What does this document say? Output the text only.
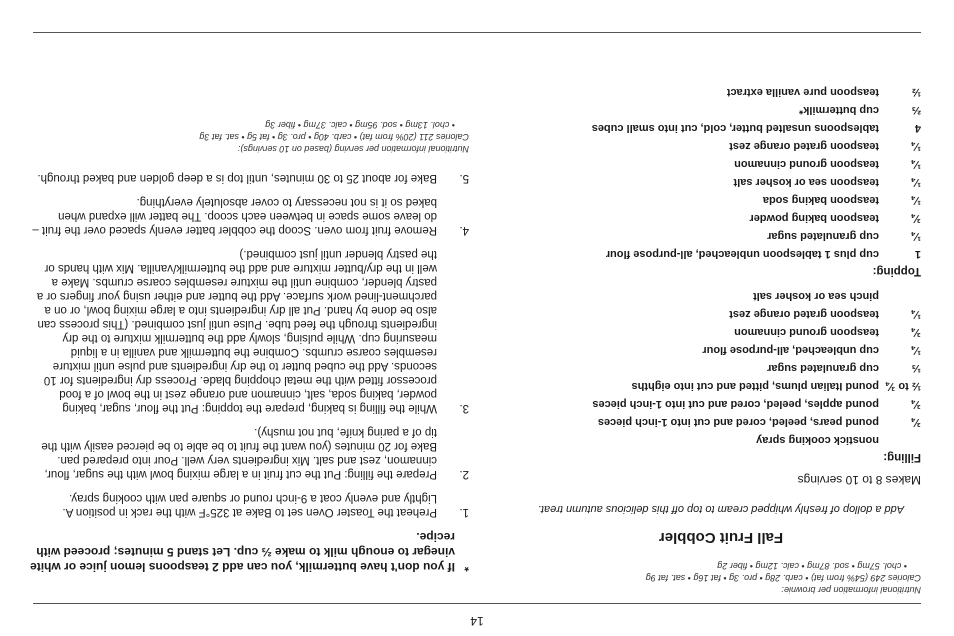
Nutritional information per brownie:
Calories 249 (54% from fat) • carb. 28g • pro. 3g • fat 16g • sat. fat 9g
• chol. 57mg • sod. 87mg • calc. 12mg • fiber 2g
Fall Fruit Cobbler
Add a dollop of freshly whipped cream to top off this delicious autumn treat.
Makes 8 to 10 servings
Filling:
nonstick cooking spray
¾
pound pears, peeled, cored and cut into 1-inch pieces
¾
pound apples, peeled, cored and cut into 1-inch pieces
½ to ¾
pound Italian plums, pitted and cut into eighths
⅓
cup granulated sugar
¼
cup unbleached, all-purpose flour
¾
teaspoon ground cinnamon
¼
teaspoon grated orange zest
pinch sea or kosher salt
Topping:
1
cup plus 1 tablespoon unbleached, all-purpose flour
¼
cup granulated sugar
¾
teaspoon baking powder
¼
teaspoon baking soda
¼
teaspoon sea or kosher salt
¼
teaspoon ground cinnamon
¼
teaspoon grated orange zest
4
tablespoons unsalted butter, cold, cut into small cubes
⅔
cup buttermilk*
½
teaspoon pure vanilla extract
*
If you don't have buttermilk, you can add 2 teaspoons lemon juice or white vinegar to enough milk to make ⅔ cup. Let stand 5 minutes; proceed with recipe.
1.
Preheat the Toaster Oven set to Bake at 325°F with the rack in position A. Lightly and evenly coat a 9-inch round or square pan with cooking spray.
2.
Prepare the filling: Put the cut fruit in a large mixing bowl with the sugar, flour, cinnamon, zest and salt. Mix ingredients very well. Pour into prepared pan. Bake for 20 minutes (you want the fruit to be able to be pierced easily with the tip of a paring knife, but not mushy).
3.
While the filling is baking, prepare the topping: Put the flour, sugar, baking powder, baking soda, salt, cinnamon and orange zest in the bowl of a food processor fitted with the metal chopping blade. Process dry ingredients for 10 seconds. Add the cubed butter to the dry ingredients and pulse until mixture resembles coarse crumbs. Combine the buttermilk and vanilla in a liquid measuring cup. While pulsing, slowly add the buttermilk mixture to the dry ingredients through the feed tube. Pulse until just combined. (This process can also be done by hand. Put all dry ingredients into a large mixing bowl, or on a parchment-lined work surface. Add the butter and either using your fingers or a pastry blender, combine until the mixture resembles coarse crumbs. Make a well in the dry/butter mixture and add the buttermilk/vanilla. Mix with hands or the pastry blender until just combined.)
4.
Remove fruit from oven. Scoop the cobbler batter evenly spaced over the fruit – do leave some space in between each scoop. The batter will expand when baked so it is not necessary to cover absolutely everything.
5.
Bake for about 25 to 30 minutes, until top is a deep golden and baked through.
Nutritional information per serving (based on 10 servings):
Calories 211 (20% from fat) • carb. 40g • pro. 3g • fat 5g • sat. fat 3g
• chol. 13mg • sod. 95mg • calc. 37mg • fiber 3g
14
